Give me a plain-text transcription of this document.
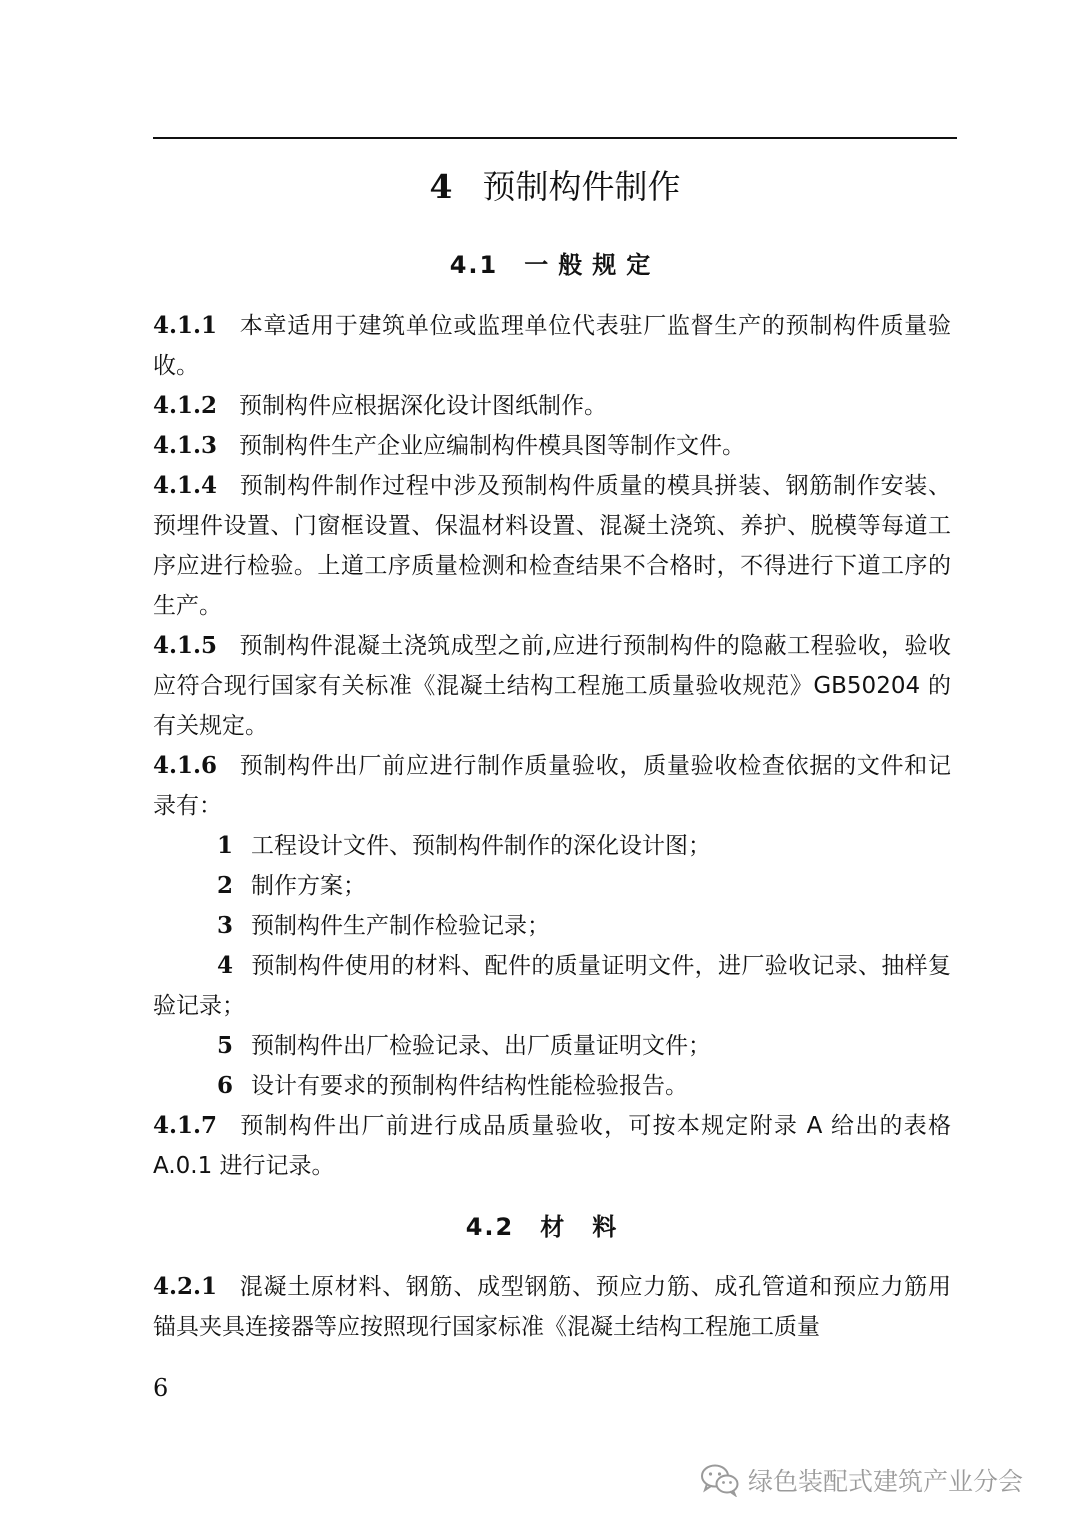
4 预制构件制作
4.1 一般规定

4.1.1 本章适用于建筑单位或监理单位代表驻厂监督生产的预制构件质量验收。

4.1.2 预制构件应根据深化设计图纸制作。

4.1.3 预制构件生产企业应编制构件模具图等制作文件。

4.1.4 预制构件制作过程中涉及预制构件质量的模具拼装、钢筋制作安装、预埋件设置、门窗框设置、保温材料设置、混凝土浇筑、养护、脱模等每道工序应进行检验。上道工序质量检测和检查结果不合格时，不得进行下道工序的生产。

4.1.5 预制构件混凝土浇筑成型之前,应进行预制构件的隐蔽工程验收，验收应符合现行国家有关标准《混凝土结构工程施工质量验收规范》GB50204 的有关规定。

4.1.6 预制构件出厂前应进行制作质量验收，质量验收检查依据的文件和记录有：

1 工程设计文件、预制构件制作的深化设计图；

2 制作方案；

3 预制构件生产制作检验记录；

4 预制构件使用的材料、配件的质量证明文件，进厂验收记录、抽样复验记录；

5 预制构件出厂检验记录、出厂质量证明文件；

6 设计有要求的预制构件结构性能检验报告。

4.1.7 预制构件出厂前进行成品质量验收，可按本规定附录 A 给出的表格 A.0.1 进行记录。

4.2 材料

4.2.1 混凝土原材料、钢筋、成型钢筋、预应力筋、成孔管道和预应力筋用锚具夹具连接器等应按照现行国家标准《混凝土结构工程施工质量

6
绿色装配式建筑产业分会
